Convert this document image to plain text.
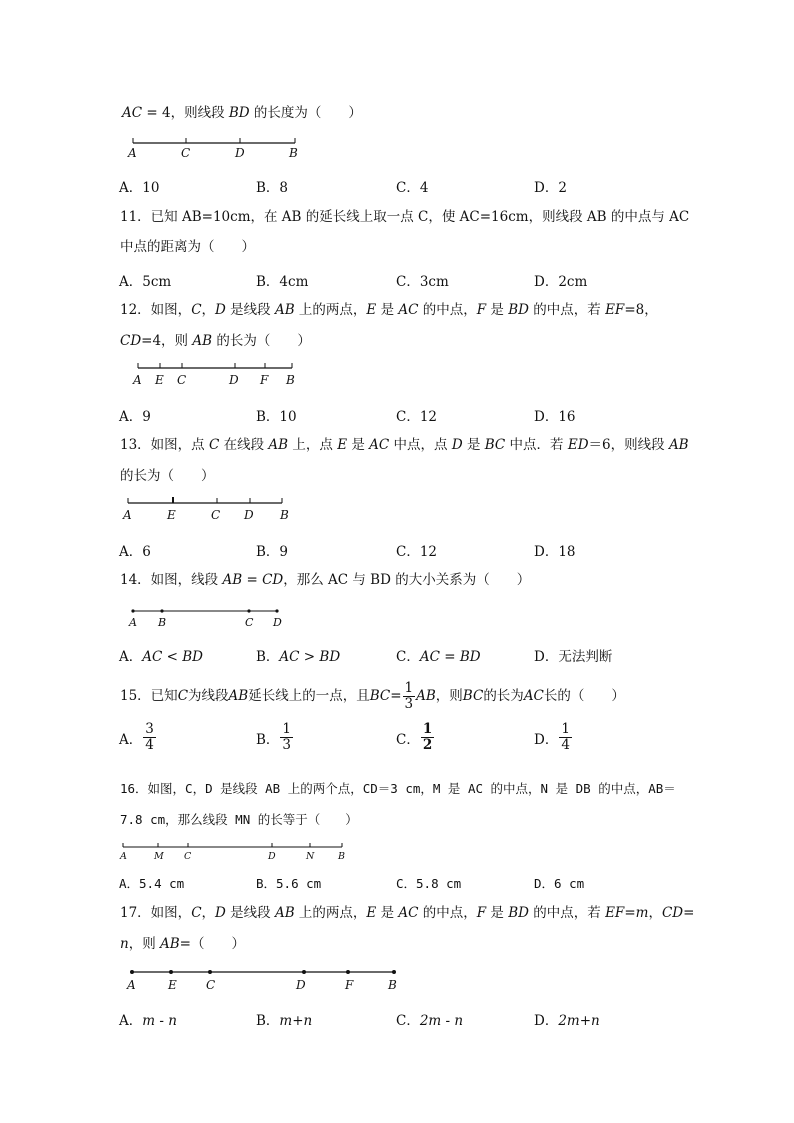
AC = 4，则线段 BD 的长度为（　　）
A	C	D	B
11．已知 AB=10cm，在 AB 的延长线上取一点 C，使 AC=16cm，则线段 AB 的中点与 AC
中点的距离为（　　）
12．如图，C，D 是线段 AB 上的两点，E 是 AC 的中点，F 是 BD 的中点，若 EF=8，
CD=4，则 AB 的长为（　　）
A E C	D F B
13．如图，点 C 在线段 AB 上，点 E 是 AC 中点，点 D 是 BC 中点．若 ED＝6，则线段 AB
的长为（　　）
A	E	C D B
14．如图，线段 AB = CD，那么 AC 与 BD 的大小关系为（　　）
A B	C D
15．已知 C 为线段 AB 延长线上的一点，且 BC = $\frac{1}{3}$ AB ，则 BC 的长为 AC 长的（　　）
16．如图，C，D 是线段 AB 上的两个点，CD＝3 cm，M 是 AC 的中点，N 是 DB 的中点，AB＝
7.8 cm，那么线段 MN 的长等于（　　）
A	M C	D	N B
17．如图，C，D 是线段 AB 上的两点，E 是 AC 的中点，F 是 BD 的中点，若 EF=m，CD=
n，则 AB=（　　）
A	E C	D	F	B
A．10	B．8	C．4	D．2
A．5cm	B．4cm	C．3cm	D．2cm
A．9	B．10	C．12	D．16
A．6	B．9	C．12	D．18
A．AC < BD	B．AC > BD	C．AC = BD	D．无法判断
A．5.4 cm	B．5.6 cm	C．5.8 cm	D．6 cm
A．m - n	B．m+n	C．2m - n	D．2m+n
A． $\frac{3}{4}$	B． $\frac{1}{3}$	C． $\frac{1}{2}$	D． $\frac{1}{4}$
